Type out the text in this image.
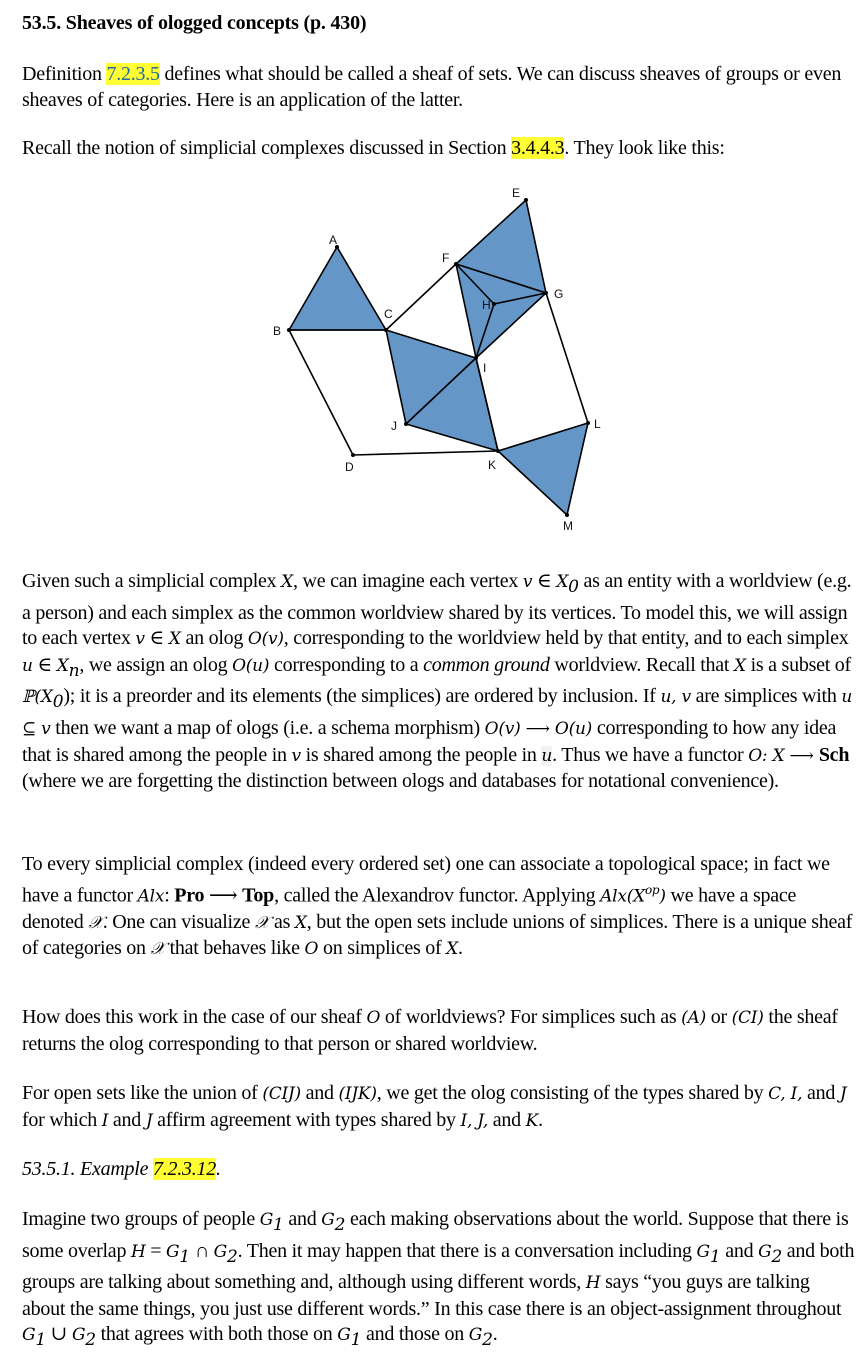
53.5. Sheaves of ologged concepts (p. 430)

Definition 7.2.3.5 defines what should be called a sheaf of sets. We can discuss sheaves of groups or even sheaves of categories. Here is an application of the latter.

Recall the notion of simplicial complexes discussed in Section 3.4.4.3. They look like this:

Given such a simplicial complex X, we can imagine each vertex v ∈ $X_0$ as an entity with a worldview (e.g. a person) and each simplex as the common worldview shared by its vertices. To model this, we will assign to each vertex v ∈ X an olog O(v), corresponding to the worldview held by that entity, and to each simplex u ∈ $X_n$, we assign an olog O(u) corresponding to a common ground worldview. Recall that X is a subset of $ℙ(X_0)$; it is a preorder and its elements (the simplices) are ordered by inclusion. If u, v are simplices with u ⊆ v then we want a map of ologs (i.e. a schema morphism) O(v) ⟶ O(u) corresponding to how any idea that is shared among the people in v is shared among the people in u. Thus we have a functor O: X ⟶ Sch (where we are forgetting the distinction between ologs and databases for notational convenience).

To every simplicial complex (indeed every ordered set) one can associate a topological space; in fact we have a functor Alx: Pro ⟶ Top, called the Alexandrov functor. Applying $Alx(X^{op})$ we have a space denoted 𝒳. One can visualize 𝒳 as X, but the open sets include unions of simplices. There is a unique sheaf of categories on 𝒳 that behaves like O on simplices of X.

How does this work in the case of our sheaf O of worldviews? For simplices such as (A) or (CI) the sheaf returns the olog corresponding to that person or shared worldview.

For open sets like the union of (CIJ) and (IJK), we get the olog consisting of the types shared by C, I, and J for which I and J affirm agreement with types shared by I, J, and K.

53.5.1. Example 7.2.3.12.

Imagine two groups of people $G_1$ and $G_2$ each making observations about the world. Suppose that there is some overlap $H = G_1$ ∩ $G_2$. Then it may happen that there is a conversation including $G_1$ and $G_2$ and both groups are talking about something and, although using different words, H says “you guys are talking about the same things, you just use different words.” In this case there is an object-assignment throughout $G_1$ ∪ $G_2$ that agrees with both those on $G_1$ and those on $G_2$.

A
B
C
D
E
F
G
H
I
J
K
L
M
